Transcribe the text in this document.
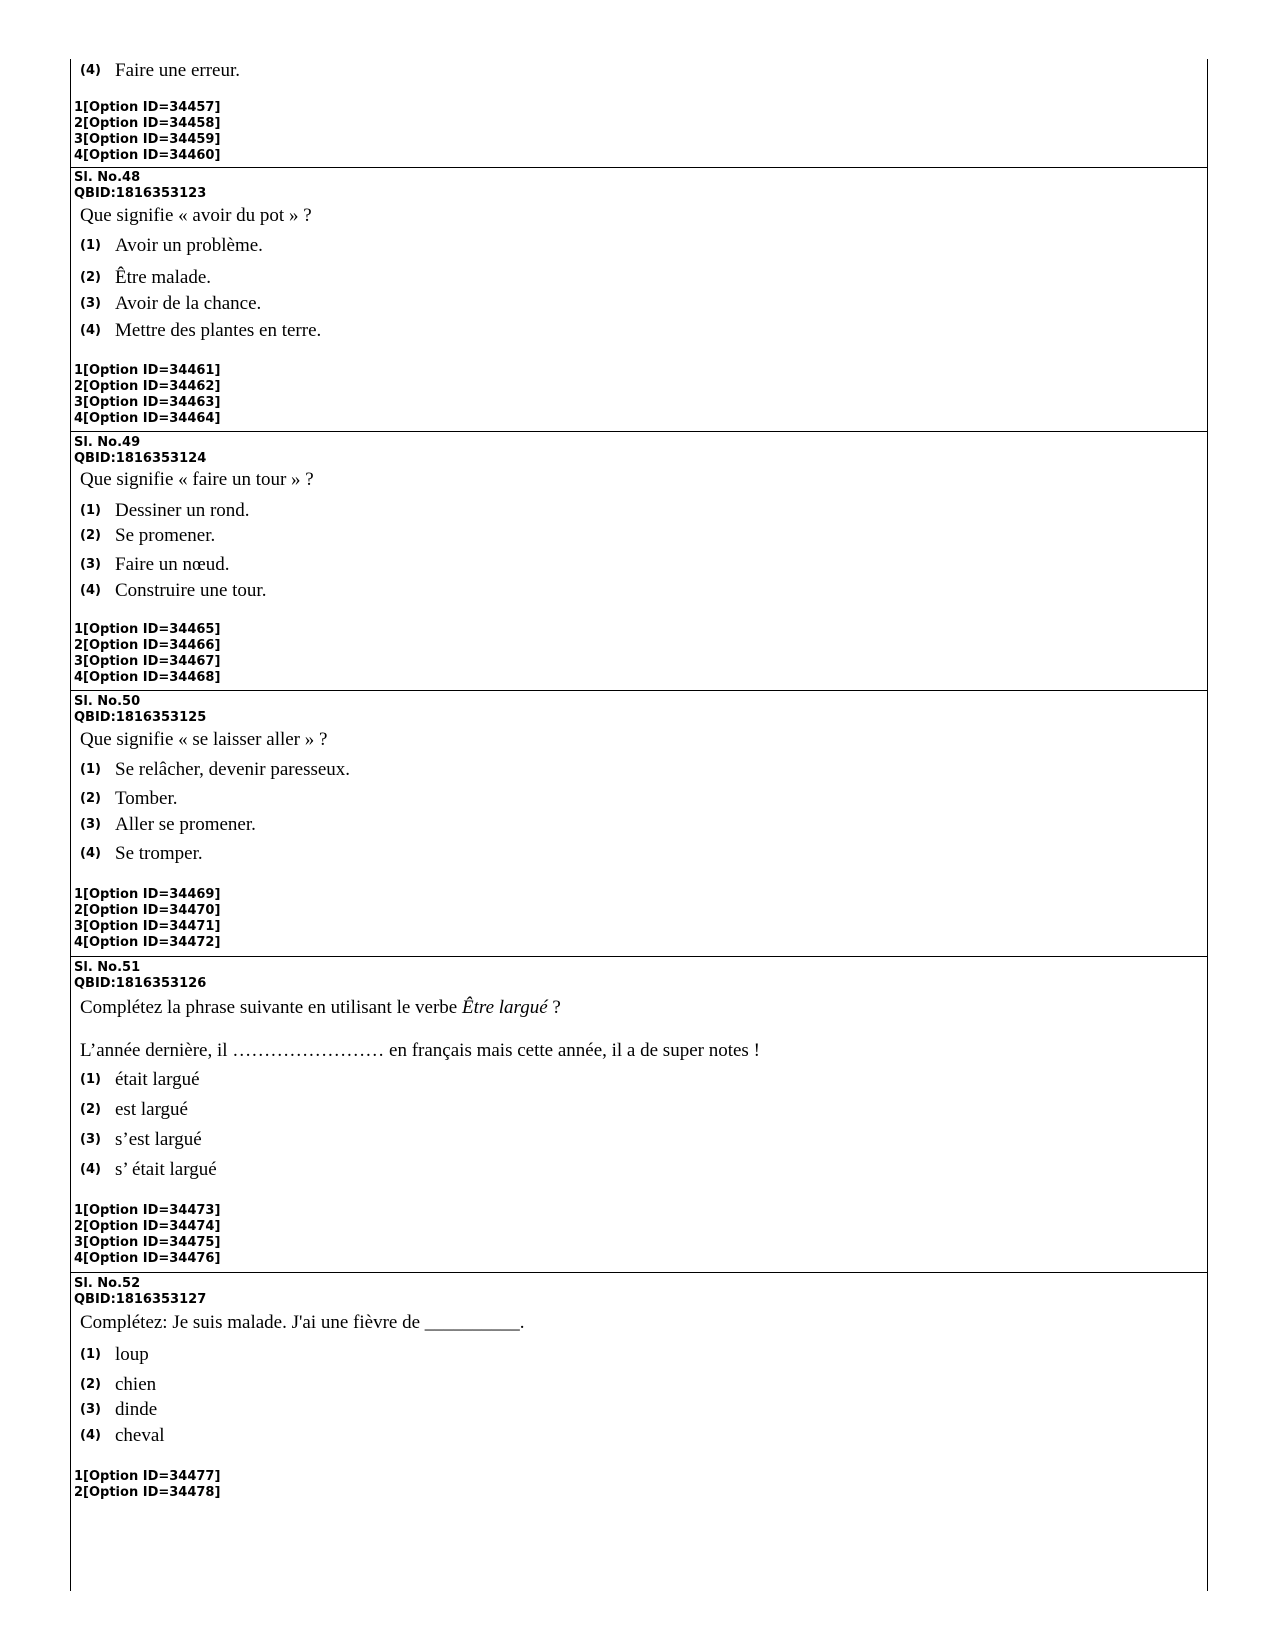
(4) Faire une erreur.
1[Option ID=34457]
2[Option ID=34458]
3[Option ID=34459]
4[Option ID=34460]
Sl. No.48
QBID:1816353123
Que signifie « avoir du pot » ?
(1) Avoir un problème.
(2) Être malade.
(3) Avoir de la chance.
(4) Mettre des plantes en terre.
1[Option ID=34461]
2[Option ID=34462]
3[Option ID=34463]
4[Option ID=34464]
Sl. No.49
QBID:1816353124
Que signifie « faire un tour » ?
(1) Dessiner un rond.
(2) Se promener.
(3) Faire un nœud.
(4) Construire une tour.
1[Option ID=34465]
2[Option ID=34466]
3[Option ID=34467]
4[Option ID=34468]
Sl. No.50
QBID:1816353125
Que signifie « se laisser aller » ?
(1) Se relâcher, devenir paresseux.
(2) Tomber.
(3) Aller se promener.
(4) Se tromper.
1[Option ID=34469]
2[Option ID=34470]
3[Option ID=34471]
4[Option ID=34472]
Sl. No.51
QBID:1816353126
Complétez la phrase suivante en utilisant le verbe Être largué ?
L’année dernière, il …………………… en français mais cette année, il a de super notes !
(1) était largué
(2) est largué
(3) s’est largué
(4) s’ était largué
1[Option ID=34473]
2[Option ID=34474]
3[Option ID=34475]
4[Option ID=34476]
Sl. No.52
QBID:1816353127
Complétez: Je suis malade. J'ai une fièvre de __________.
(1) loup
(2) chien
(3) dinde
(4) cheval
1[Option ID=34477]
2[Option ID=34478]
